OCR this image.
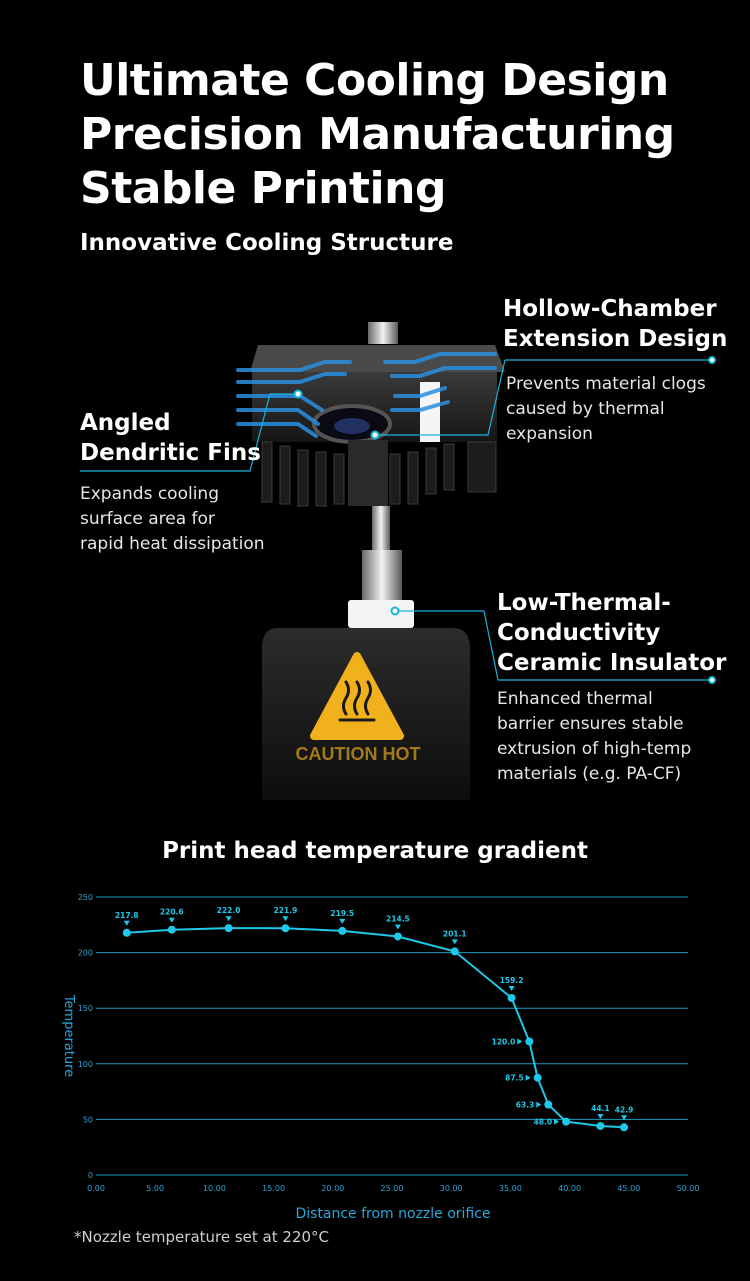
Ultimate Cooling Design
Precision Manufacturing
Stable Printing
Innovative Cooling Structure
CAUTION HOT
Hollow-Chamber
Extension Design
Prevents material clogs
caused by thermal
expansion
Angled
Dendritic Fins
Expands cooling
surface area for
rapid heat dissipation
Low-Thermal-
Conductivity
Ceramic Insulator
Enhanced thermal
barrier ensures stable
extrusion of high-temp
materials (e.g. PA-CF)
Print head temperature gradient
0
50
100
150
200
250
0.00	5.00	10.00	15.00	20.00	25.00	30.00	35.00	40.00	45.00	50.00
217.8	220.6	222.0	221.9	219.5
214.5
201.1
159.2
120.0
87.5
63.3
48.0
44.1 42.9
Temperature
Distance from nozzle orifice
*Nozzle temperature set at 220°C
